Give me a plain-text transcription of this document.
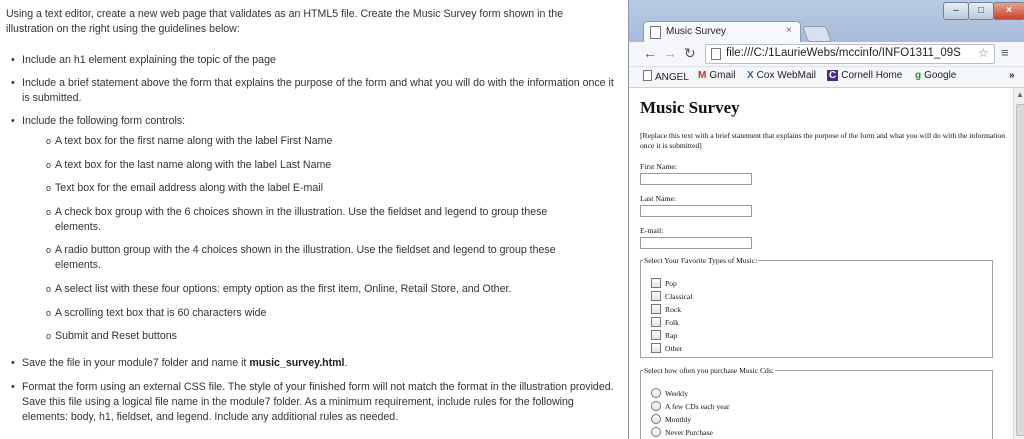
Using a text editor, create a new web page that validates as an HTML5 file. Create the Music Survey form shown in the illustration on the right using the guidelines below:

• Include an h1 element explaining the topic of the page
• Include a brief statement above the form that explains the purpose of the form and what you will do with the information once it is submitted.
• Include the following form controls:
• Save the file in your module7 folder and name it music_survey.html.
• Format the form using an external CSS file. The style of your finished form will not match the format in the illustration provided. Save this file using a logical file name in the module7 folder. As a minimum requirement, include rules for the following elements: body, h1, fieldset, and legend. Include any additional rules as needed.
o A text box for the first name along with the label First Name
o A text box for the last name along with the label Last Name
o Text box for the email address along with the label E-mail
o A check box group with the 6 choices shown in the illustration. Use the fieldset and legend to group these elements.
o A radio button group with the 4 choices shown in the illustration. Use the fieldset and legend to group these elements.
o A select list with these four options: empty option as the first item, Online, Retail Store, and Other.
o A scrolling text box that is 60 characters wide
o Submit and Reset buttons
–	□	×
Music Survey	×
← → ↻	file:///C:/1LaurieWebs/mccinfo/INFO1311_09S	☆ ≡
ANGEL M Gmail X Cox WebMail C Cornell Home g Google	»
Music Survey

[Replace this text with a brief statement that explains the purpose of the form and what you will do with the information once it is submitted]

First Name:
Last Name:
E-mail:
Select Your Favorite Types of Music:
Pop
Classical
Rock
Folk
Rap
Other
Select how often you purchase Music Cds:
Weekly
A few CDs each year
Monthly
Never Purchase
▲
